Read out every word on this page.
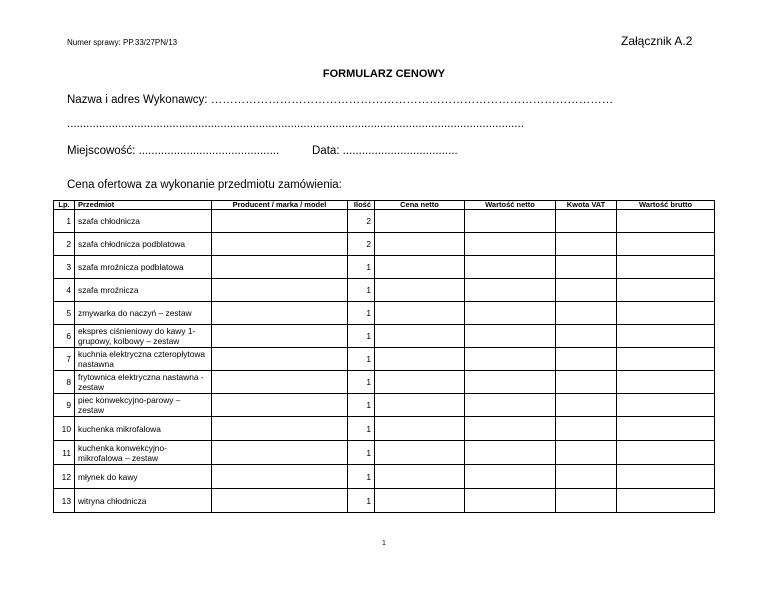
Numer sprawy: PP.33/27PN/13	Załącznik A.2
FORMULARZ CENOWY
Nazwa i adres Wykonawcy: ……………………………………………………………………………………………
...............................................................................................................................................
Miejscowość: ............................................	Data: ....................................
Cena ofertowa za wykonanie przedmiotu zamówienia:
Lp.	Przedmiot	Producent / marka / model	Ilość	Cena netto	Wartość netto	Kwota VAT	Wartość brutto
1	szafa chłodnicza		2				
2	szafa chłodnicza podblatowa		2				
3	szafa mroźnicza podblatowa		1				
4	szafa mroźnicza		1				
5	zmywarka do naczyń – zestaw		1				
6	ekspres ciśnieniowy do kawy 1-grupowy, kolbowy – zestaw		1				
7	kuchnia elektryczna czteropłytowa nastawna		1				
8	frytownica elektryczna nastawna - zestaw		1				
9	piec konwekcyjno-parowy – zestaw		1				
10	kuchenka mikrofalowa		1				
11	kuchenka konwekcyjno-mikrofalowa – zestaw		1				
12	młynek do kawy		1				
13	witryna chłodnicza		1				
1
